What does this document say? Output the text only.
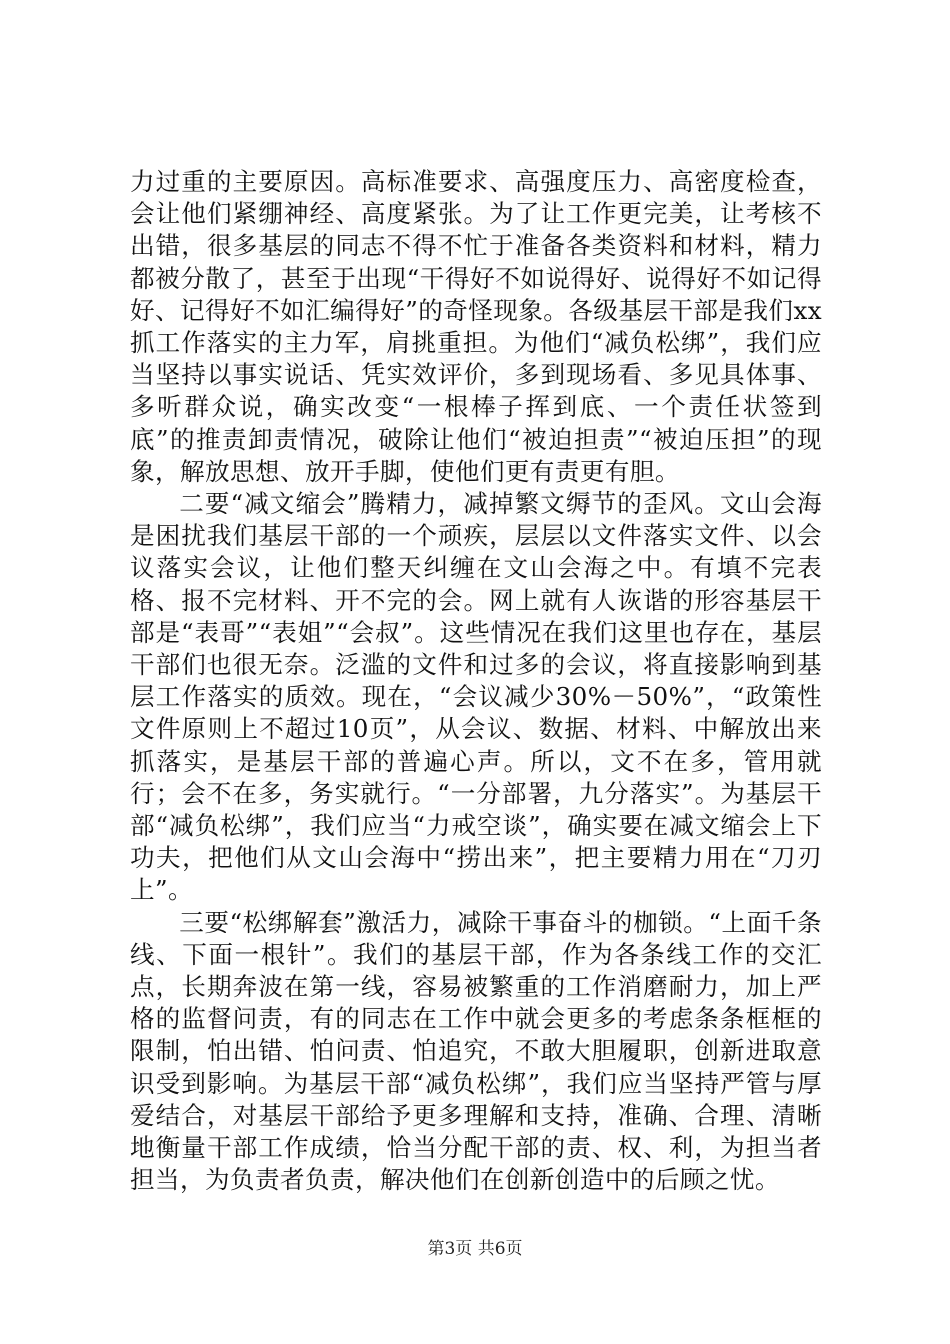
力过重的主要原因。高标准要求、高强度压力、高密度检查，会让他们紧绷神经、高度紧张。为了让工作更完美，让考核不出错，很多基层的同志不得不忙于准备各类资料和材料，精力都被分散了，甚至于出现“干得好不如说得好、说得好不如记得好、记得好不如汇编得好”的奇怪现象。各级基层干部是我们xx抓工作落实的主力军，肩挑重担。为他们“减负松绑”，我们应当坚持以事实说话、凭实效评价，多到现场看、多见具体事、多听群众说，确实改变“一根棒子挥到底、一个责任状签到底”的推责卸责情况，破除让他们“被迫担责”“被迫压担”的现象，解放思想、放开手脚，使他们更有责更有胆。

二要“减文缩会”腾精力，减掉繁文缛节的歪风。文山会海是困扰我们基层干部的一个顽疾，层层以文件落实文件、以会议落实会议，让他们整天纠缠在文山会海之中。有填不完表格、报不完材料、开不完的会。网上就有人诙谐的形容基层干部是“表哥”“表姐”“会叔”。这些情况在我们这里也存在，基层干部们也很无奈。泛滥的文件和过多的会议，将直接影响到基层工作落实的质效。现在，“会议减少30%－50%”，“政策性文件原则上不超过10页”，从会议、数据、材料、中解放出来抓落实，是基层干部的普遍心声。所以，文不在多，管用就行；会不在多，务实就行。“一分部署，九分落实”。为基层干部“减负松绑”，我们应当“力戒空谈”，确实要在减文缩会上下功夫，把他们从文山会海中“捞出来”，把主要精力用在“刀刃上”。

三要“松绑解套”激活力，减除干事奋斗的枷锁。“上面千条线、下面一根针”。我们的基层干部，作为各条线工作的交汇点，长期奔波在第一线，容易被繁重的工作消磨耐力，加上严格的监督问责，有的同志在工作中就会更多的考虑条条框框的限制，怕出错、怕问责、怕追究，不敢大胆履职，创新进取意识受到影响。为基层干部“减负松绑”，我们应当坚持严管与厚爱结合，对基层干部给予更多理解和支持，准确、合理、清晰地衡量干部工作成绩，恰当分配干部的责、权、利，为担当者担当，为负责者负责，解决他们在创新创造中的后顾之忧。

第3页 共6页
